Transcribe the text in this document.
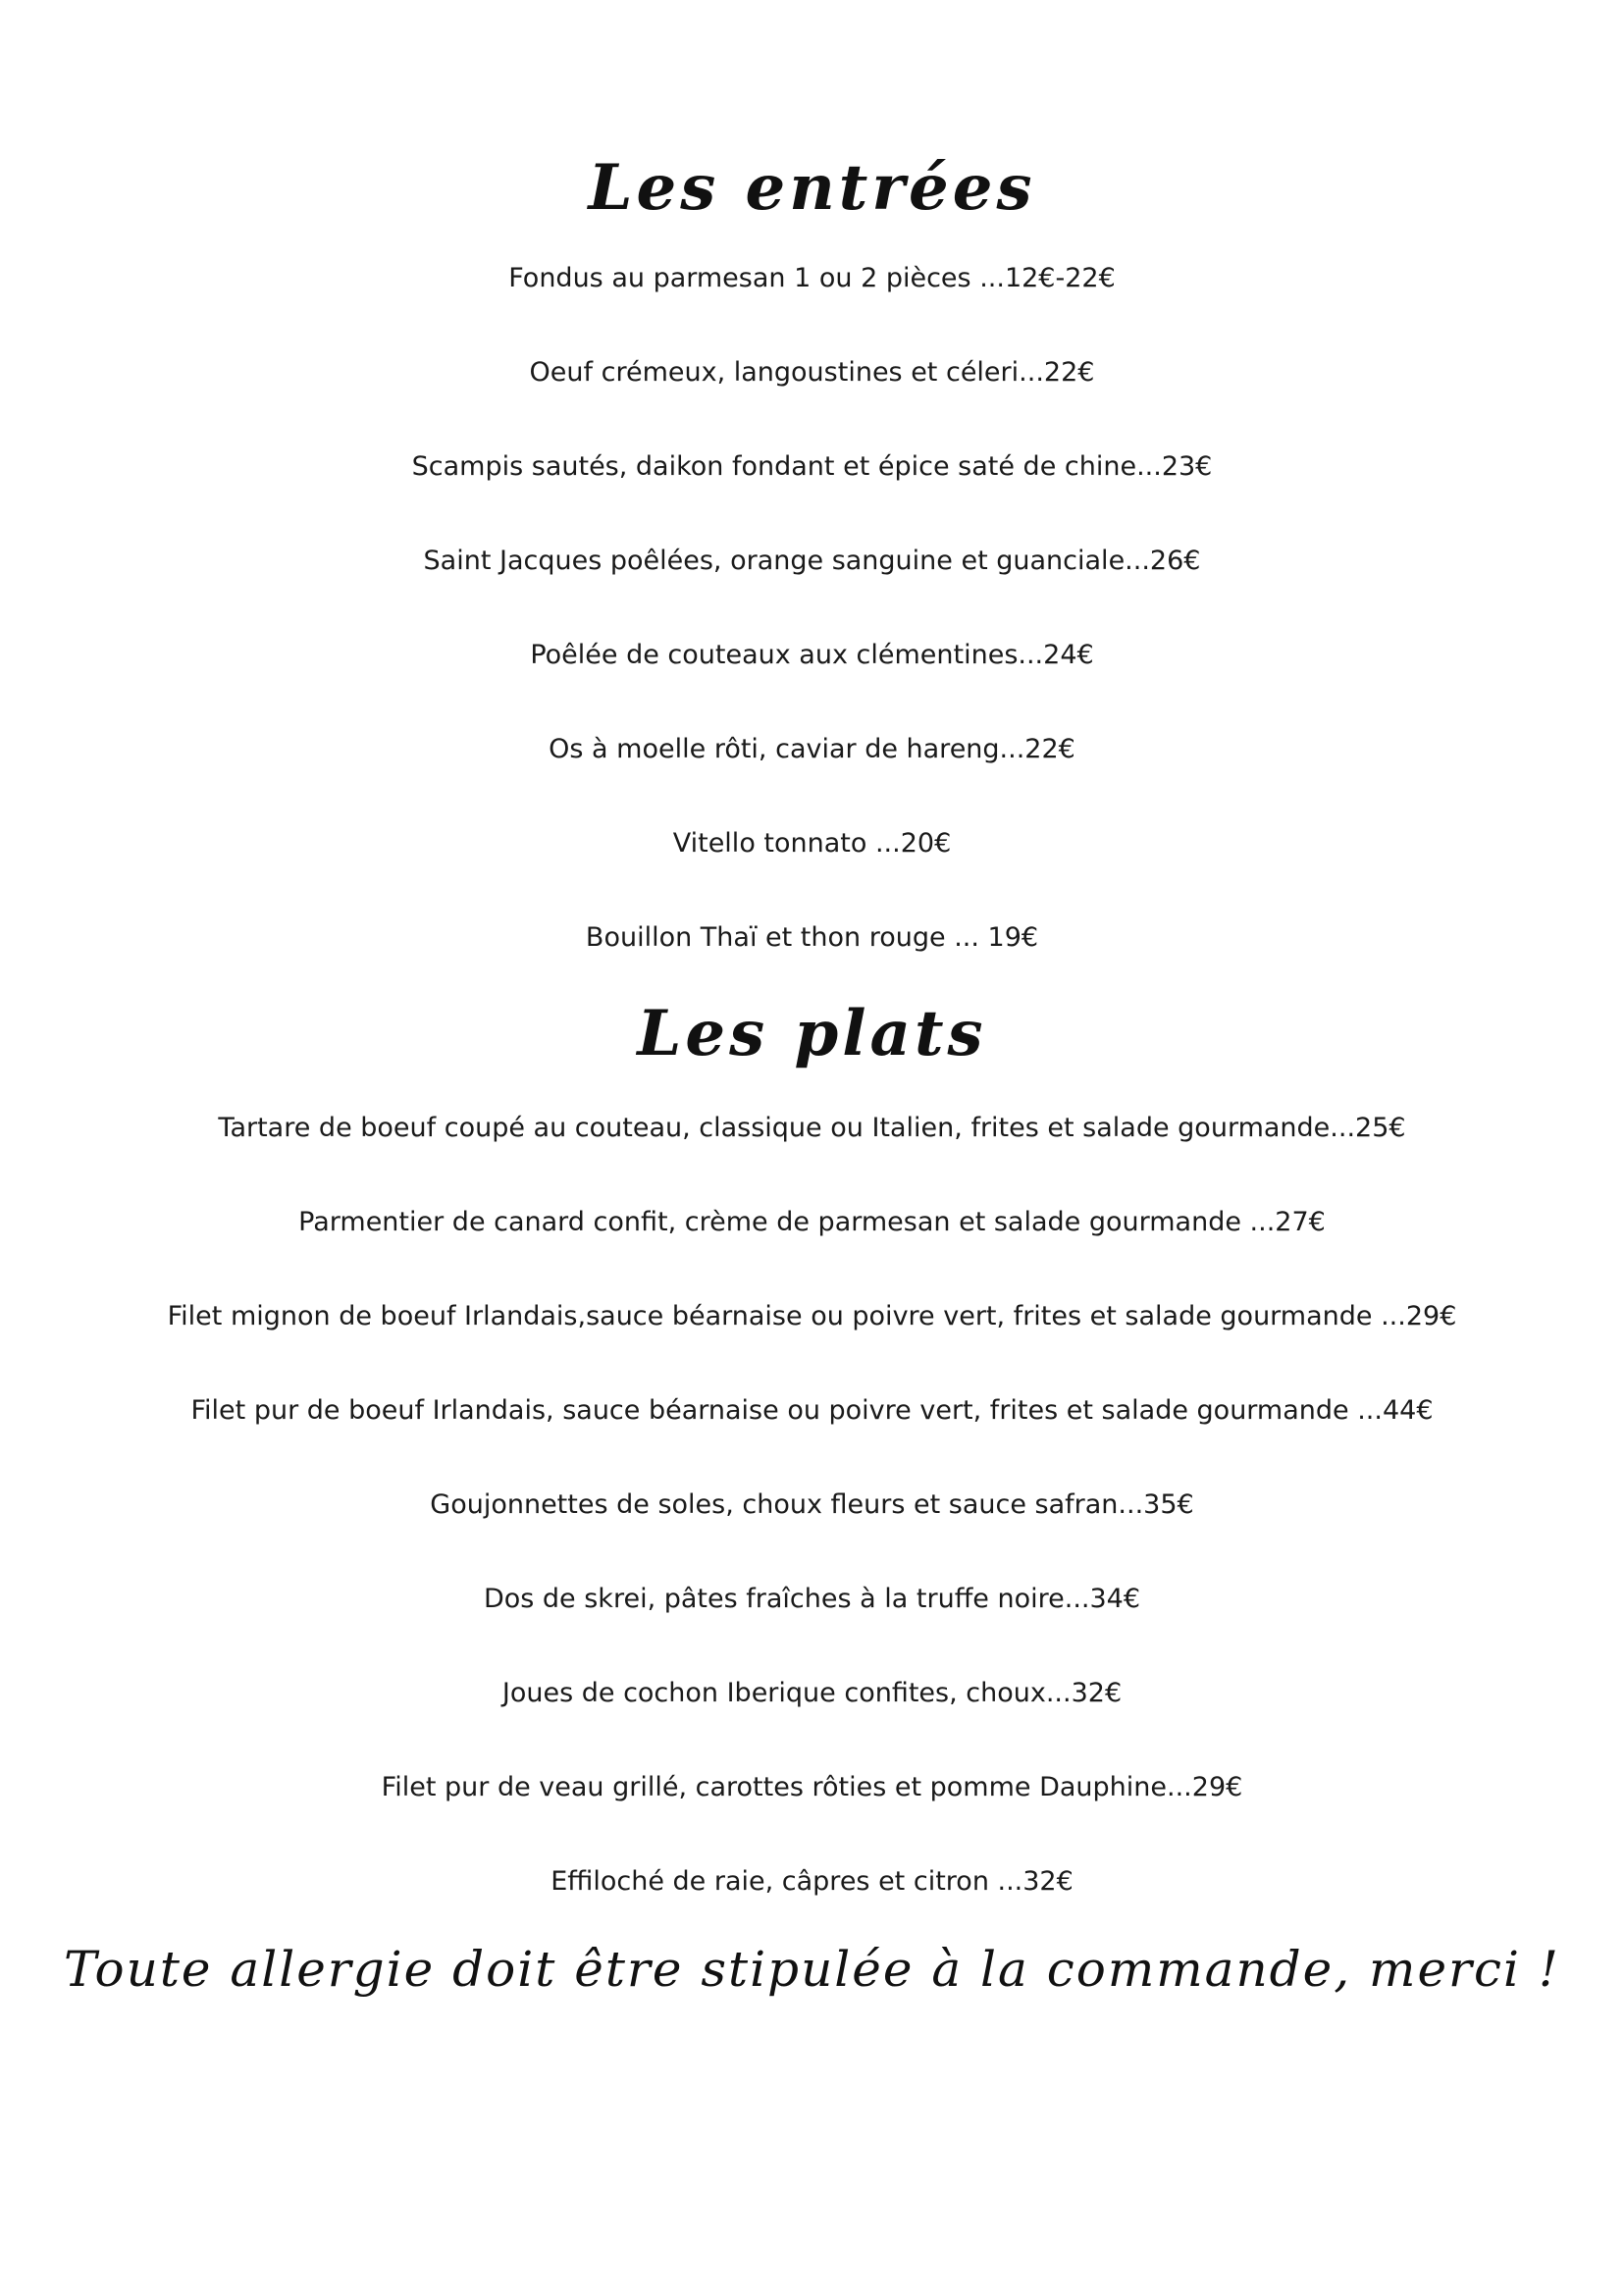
Les entrées
Fondus au parmesan 1 ou 2 pièces ...12€-22€
Oeuf crémeux, langoustines et céleri...22€
Scampis sautés, daikon fondant et épice saté de chine...23€
Saint Jacques poêlées, orange sanguine et guanciale...26€
Poêlée de couteaux aux clémentines...24€
Os à moelle rôti, caviar de hareng...22€
Vitello tonnato ...20€
Bouillon Thaï et thon rouge ... 19€
Les plats
Tartare de boeuf coupé au couteau, classique ou Italien, frites et salade gourmande...25€
Parmentier de canard confit, crème de parmesan et salade gourmande ...27€
Filet mignon de boeuf Irlandais,sauce béarnaise ou poivre vert, frites et salade gourmande ...29€
Filet pur de boeuf Irlandais, sauce béarnaise ou poivre vert, frites et salade gourmande ...44€
Goujonnettes de soles, choux fleurs et sauce safran...35€
Dos de skrei, pâtes fraîches à la truffe noire...34€
Joues de cochon Iberique confites, choux...32€
Filet pur de veau grillé, carottes rôties et pomme Dauphine...29€
Effiloché de raie, câpres et citron ...32€

Toute allergie doit être stipulée à la commande, merci !
